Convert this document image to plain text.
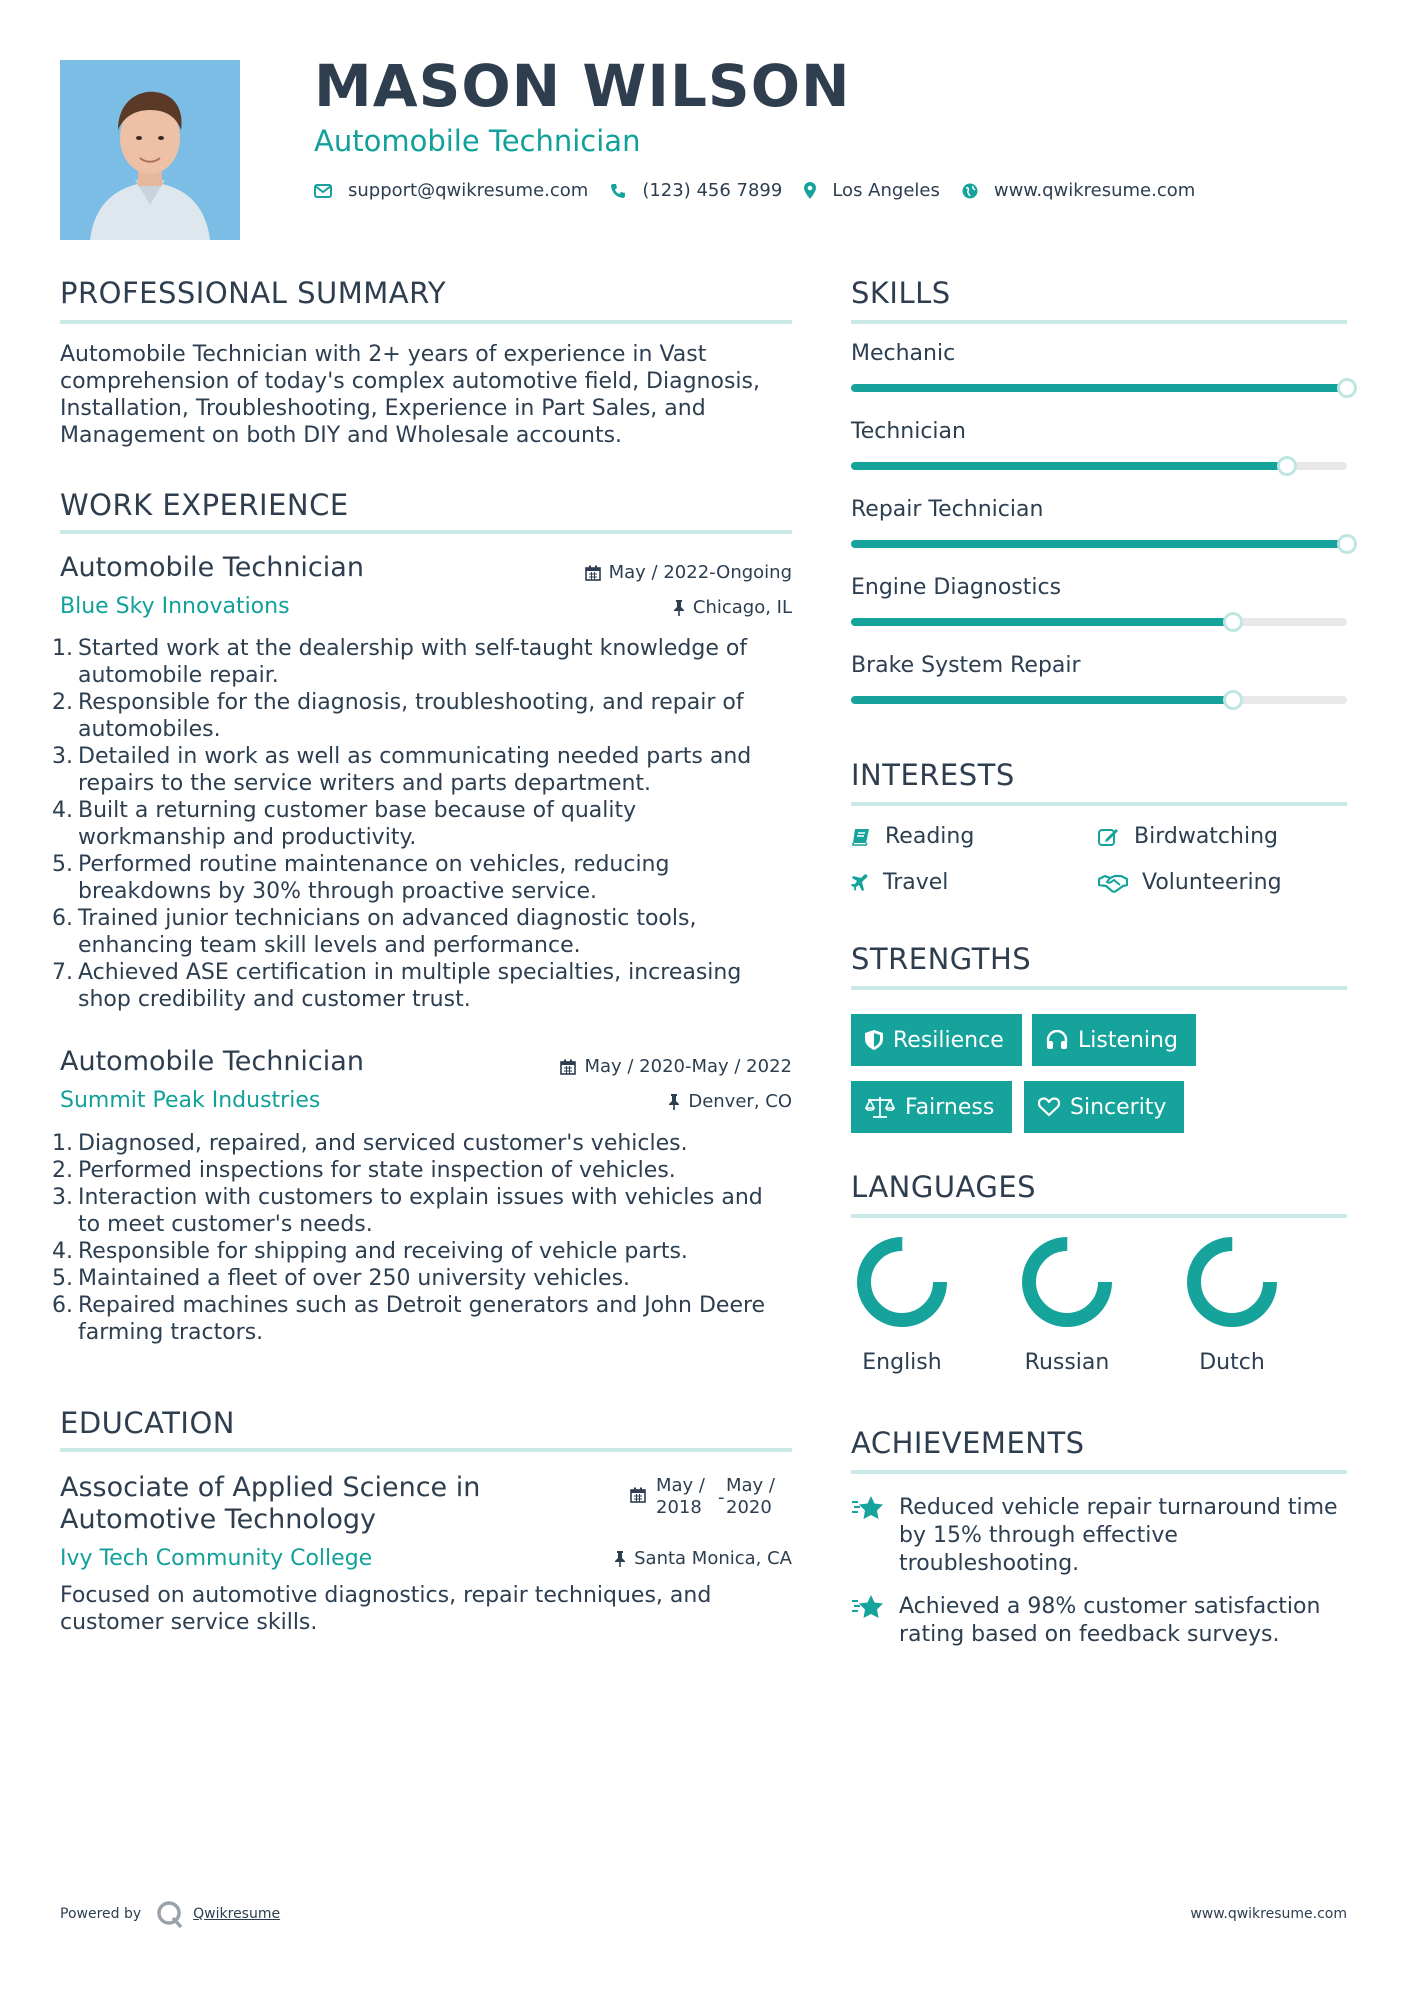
MASON WILSON
Automobile Technician
support@qwikresume.com	(123) 456 7899	Los Angeles	www.qwikresume.com
PROFESSIONAL SUMMARY
Automobile Technician with 2+ years of experience in Vast comprehension of today's complex automotive field, Diagnosis, Installation, Troubleshooting, Experience in Part Sales, and Management on both DIY and Wholesale accounts.
WORK EXPERIENCE
Automobile Technician	May / 2022-Ongoing
Blue Sky Innovations	Chicago, IL
1. Started work at the dealership with self-taught knowledge of
automobile repair.
2. Responsible for the diagnosis, troubleshooting, and repair of
automobiles.
3. Detailed in work as well as communicating needed parts and
repairs to the service writers and parts department.
4. Built a returning customer base because of quality
workmanship and productivity.
5. Performed routine maintenance on vehicles, reducing
breakdowns by 30% through proactive service.
6. Trained junior technicians on advanced diagnostic tools,
enhancing team skill levels and performance.
7. Achieved ASE certification in multiple specialties, increasing
shop credibility and customer trust.
Automobile Technician	May / 2020-May / 2022
Summit Peak Industries	Denver, CO
1. Diagnosed, repaired, and serviced customer's vehicles.
2. Performed inspections for state inspection of vehicles.
3. Interaction with customers to explain issues with vehicles and
to meet customer's needs.
4. Responsible for shipping and receiving of vehicle parts.
5. Maintained a fleet of over 250 university vehicles.
6. Repaired machines such as Detroit generators and John Deere
farming tractors.
EDUCATION
Associate of Applied Science in
Automotive Technology
May /
2018 -
May /
2020
Ivy Tech Community College	Santa Monica, CA
Focused on automotive diagnostics, repair techniques, and customer service skills.
SKILLS
Mechanic
Technician
Repair Technician
Engine Diagnostics
Brake System Repair
INTERESTS
Reading	Birdwatching
Travel	Volunteering
STRENGTHS
Resilience	Listening
Fairness	Sincerity
LANGUAGES
English	Russian	Dutch
ACHIEVEMENTS
Reduced vehicle repair turnaround time
by 15% through effective
troubleshooting.
Achieved a 98% customer satisfaction
rating based on feedback surveys.
Powered by	Qwikresume	www.qwikresume.com
